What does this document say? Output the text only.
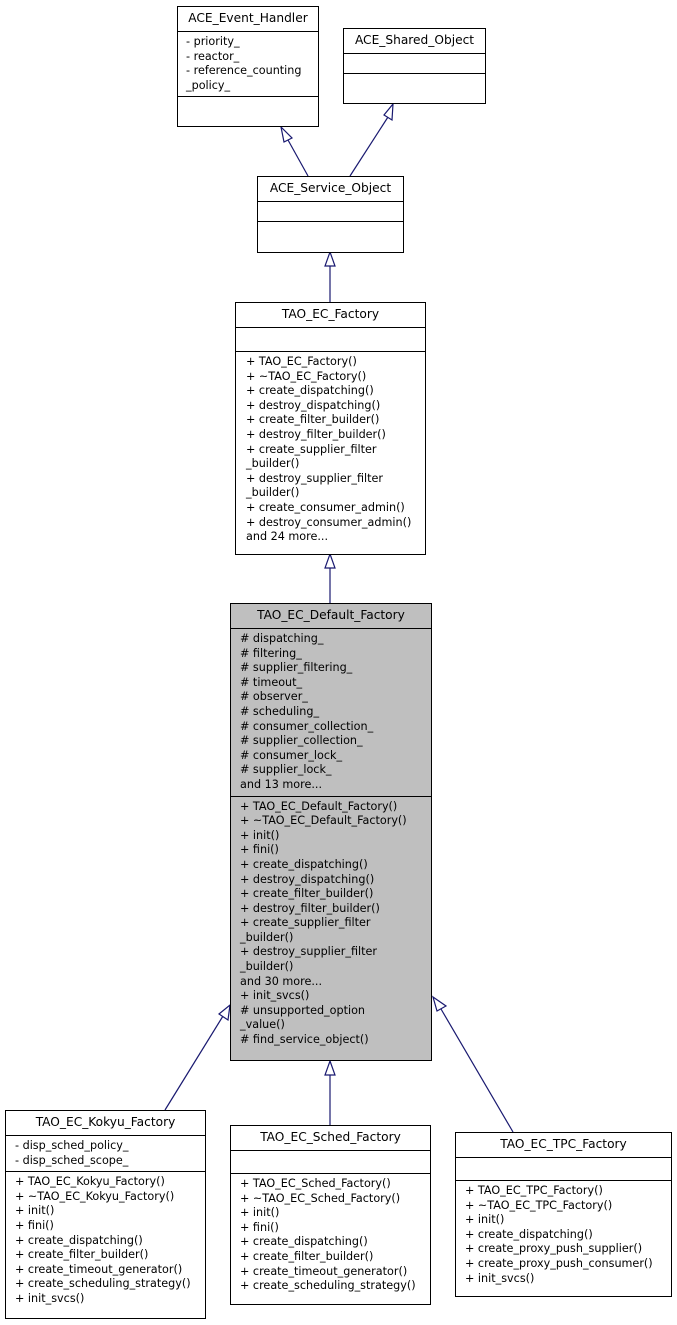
ACE_Event_Handler
- priority_
- reactor_
- reference_counting
_policy_
ACE_Shared_Object
ACE_Service_Object
TAO_EC_Factory
+ TAO_EC_Factory()
+ ~TAO_EC_Factory()
+ create_dispatching()
+ destroy_dispatching()
+ create_filter_builder()
+ destroy_filter_builder()
+ create_supplier_filter
_builder()
+ destroy_supplier_filter
_builder()
+ create_consumer_admin()
+ destroy_consumer_admin()
and 24 more...
TAO_EC_Default_Factory
# dispatching_
# filtering_
# supplier_filtering_
# timeout_
# observer_
# scheduling_
# consumer_collection_
# supplier_collection_
# consumer_lock_
# supplier_lock_
and 13 more...
+ TAO_EC_Default_Factory()
+ ~TAO_EC_Default_Factory()
+ init()
+ fini()
+ create_dispatching()
+ destroy_dispatching()
+ create_filter_builder()
+ destroy_filter_builder()
+ create_supplier_filter
_builder()
+ destroy_supplier_filter
_builder()
and 30 more...
+ init_svcs()
# unsupported_option
_value()
# find_service_object()
TAO_EC_Kokyu_Factory
- disp_sched_policy_
- disp_sched_scope_
+ TAO_EC_Kokyu_Factory()
+ ~TAO_EC_Kokyu_Factory()
+ init()
+ fini()
+ create_dispatching()
+ create_filter_builder()
+ create_timeout_generator()
+ create_scheduling_strategy()
+ init_svcs()
TAO_EC_Sched_Factory
+ TAO_EC_Sched_Factory()
+ ~TAO_EC_Sched_Factory()
+ init()
+ fini()
+ create_dispatching()
+ create_filter_builder()
+ create_timeout_generator()
+ create_scheduling_strategy()
TAO_EC_TPC_Factory
+ TAO_EC_TPC_Factory()
+ ~TAO_EC_TPC_Factory()
+ init()
+ create_dispatching()
+ create_proxy_push_supplier()
+ create_proxy_push_consumer()
+ init_svcs()
